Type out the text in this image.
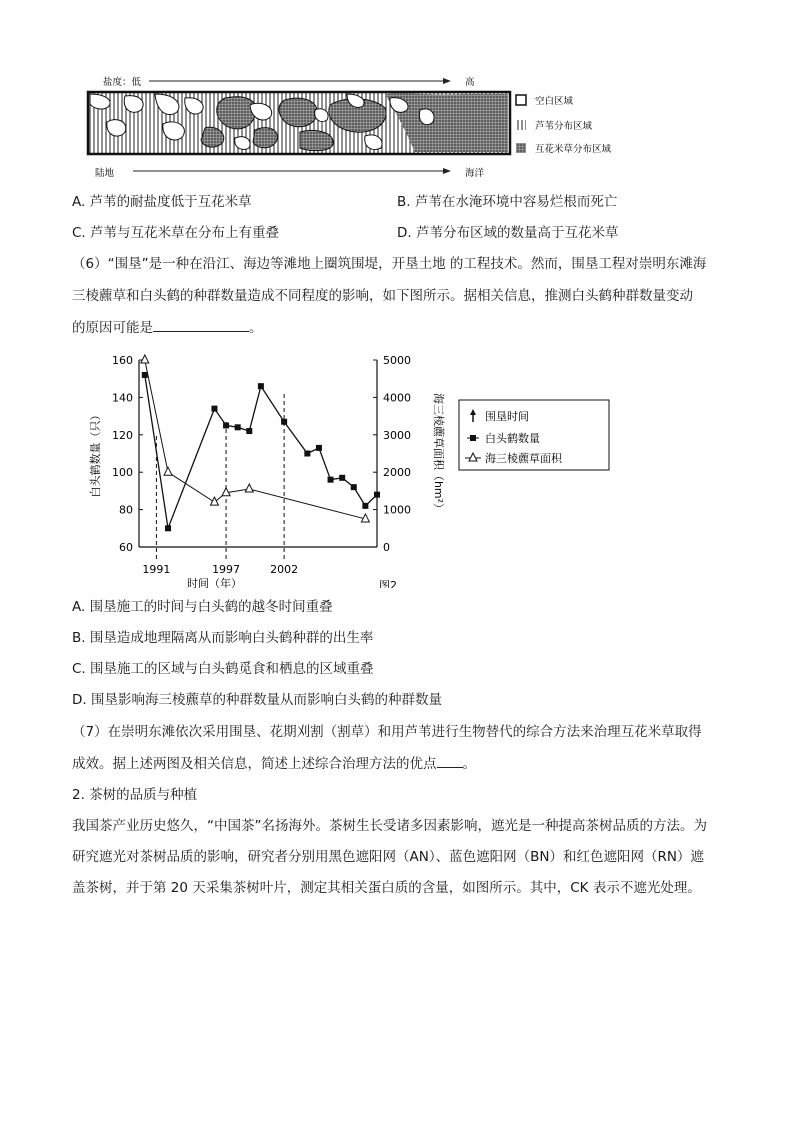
盐度：低	高
陆地	海洋
空白区域
芦苇分布区域
互花米草分布区域
A. 芦苇的耐盐度低于互花米草	B. 芦苇在水淹环境中容易烂根而死亡
C. 芦苇与互花米草在分布上有重叠	D. 芦苇分布区域的数量高于互花米草
（6）“围垦”是一种在沿江、海边等滩地上圈筑围堤，开垦土地 的工程技术。然而，围垦工程对崇明东滩海
三棱藨草和白头鹤的种群数量造成不同程度的影响，如下图所示。据相关信息，推测白头鹤种群数量变动
的原因可能是	。
60
80
100
120
140
160
0
1000
2000
3000
4000
5000
1991	1997	2002
白头鹤数量（只）	海三棱藨草面积（hm²）
时间（年）	图2
围垦时间
白头鹤数量
海三棱藨草面积
A. 围垦施工的时间与白头鹤的越冬时间重叠
B. 围垦造成地理隔离从而影响白头鹤种群的出生率
C. 围垦施工的区域与白头鹤觅食和栖息的区域重叠
D. 围垦影响海三棱藨草的种群数量从而影响白头鹤的种群数量
（7）在崇明东滩依次采用围垦、花期刈割（割草）和用芦苇进行生物替代的综合方法来治理互花米草取得
成效。据上述两图及相关信息，简述上述综合治理方法的优点 。
2. 茶树的品质与种植
我国茶产业历史悠久，“中国茶”名扬海外。茶树生长受诸多因素影响，遮光是一种提高茶树品质的方法。为
研究遮光对茶树品质的影响，研究者分别用黑色遮阳网（AN）、蓝色遮阳网（BN）和红色遮阳网（RN）遮
盖茶树，并于第 20 天采集茶树叶片，测定其相关蛋白质的含量，如图所示。其中，CK 表示不遮光处理。
